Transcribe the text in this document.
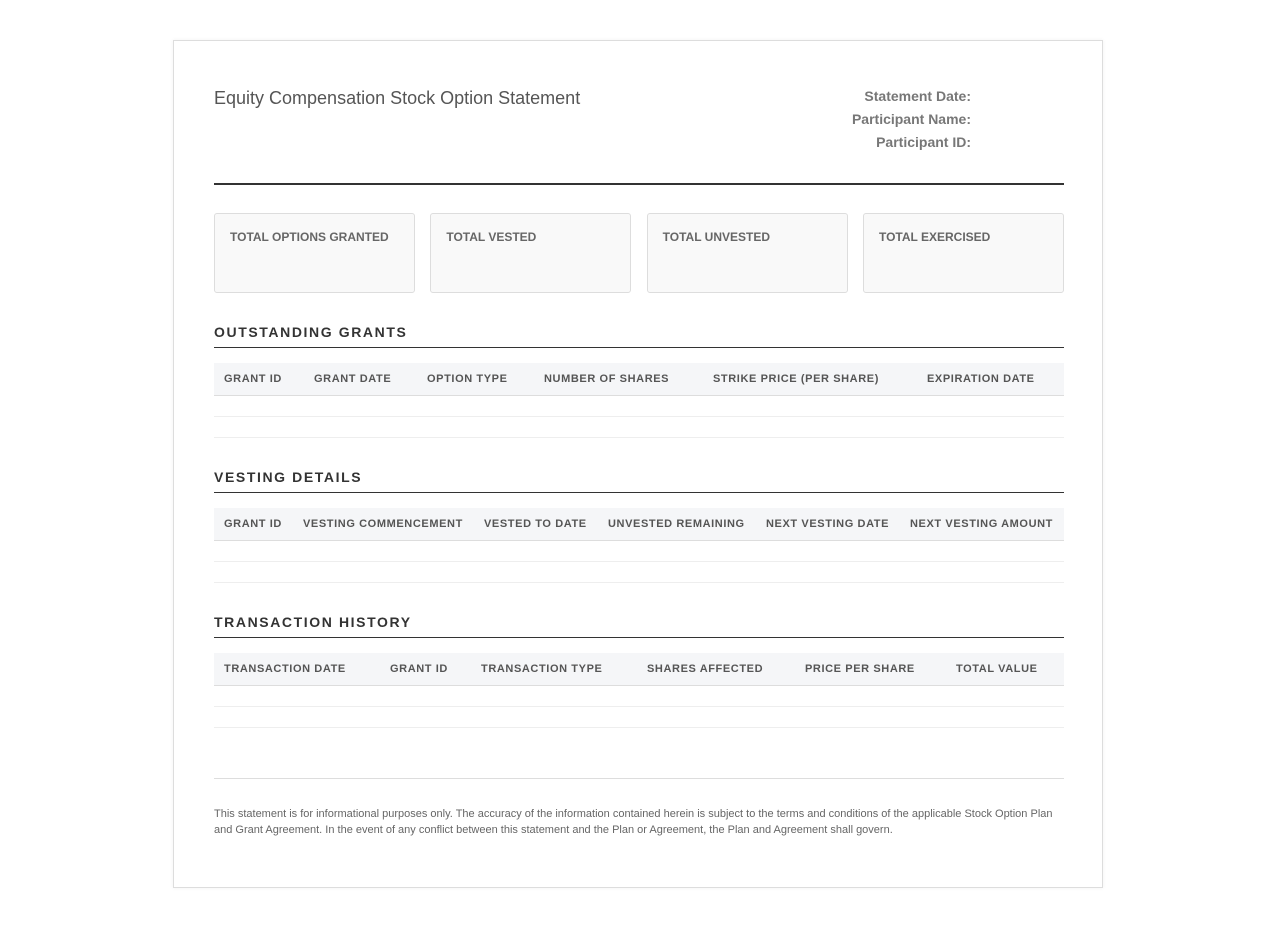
Equity Compensation Stock Option Statement	Statement Date:
Participant Name:
Participant ID:
TOTAL OPTIONS GRANTED	TOTAL VESTED	TOTAL UNVESTED	TOTAL EXERCISED
OUTSTANDING GRANTS
GRANT ID	GRANT DATE	OPTION TYPE	NUMBER OF SHARES	STRIKE PRICE (PER SHARE)	EXPIRATION DATE

VESTING DETAILS
GRANT ID	VESTING COMMENCEMENT	VESTED TO DATE	UNVESTED REMAINING	NEXT VESTING DATE	NEXT VESTING AMOUNT

TRANSACTION HISTORY
TRANSACTION DATE	GRANT ID	TRANSACTION TYPE	SHARES AFFECTED	PRICE PER SHARE	TOTAL VALUE

This statement is for informational purposes only. The accuracy of the information contained herein is subject to the terms and conditions of the applicable Stock Option Plan and Grant Agreement. In the event of any conflict between this statement and the Plan or Agreement, the Plan and Agreement shall govern.
